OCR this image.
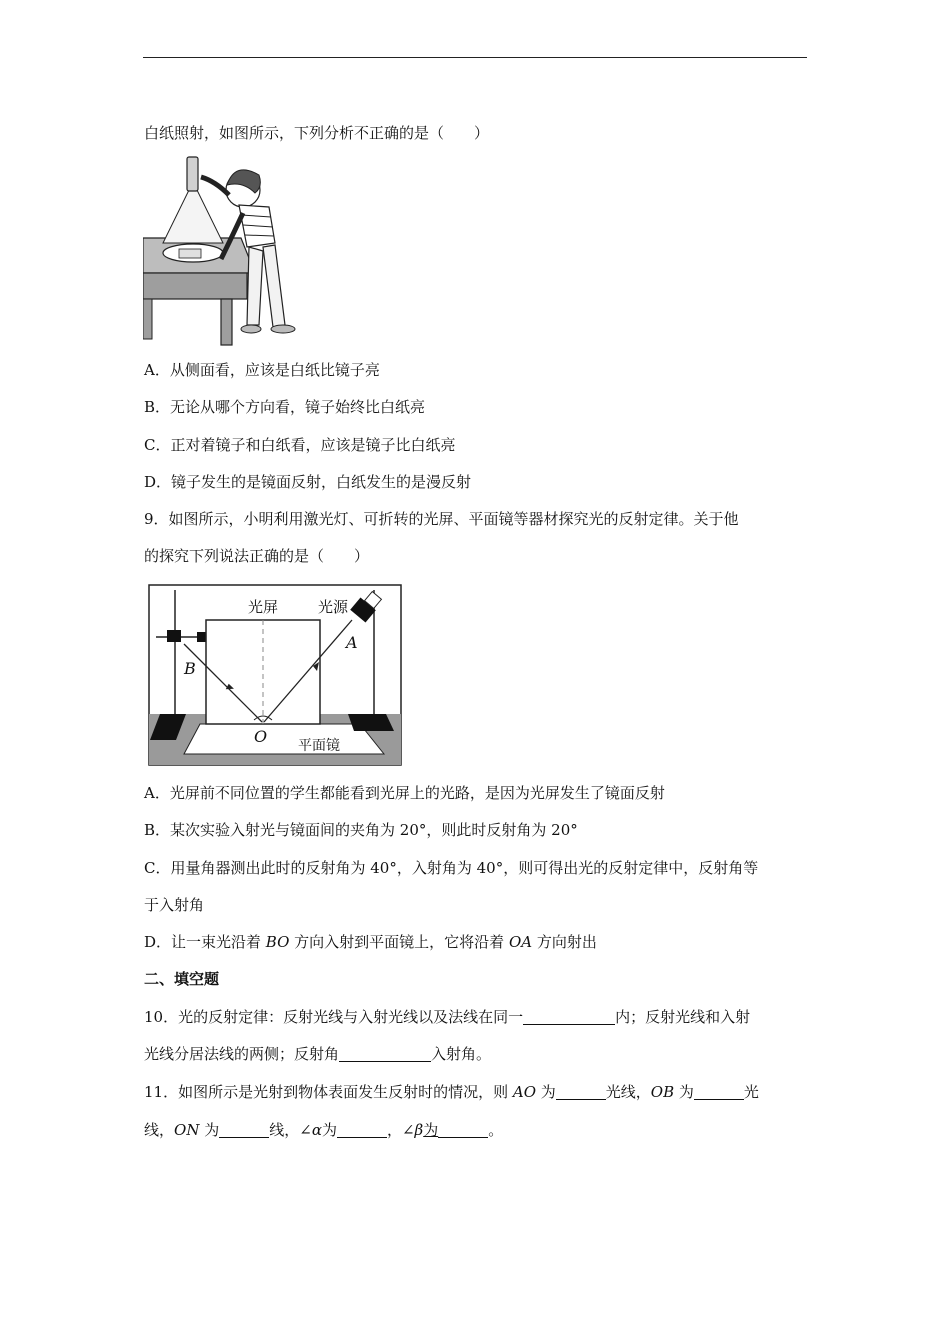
白纸照射，如图所示，下列分析不正确的是（　　）
A．从侧面看，应该是白纸比镜子亮
B．无论从哪个方向看，镜子始终比白纸亮
C．正对着镜子和白纸看，应该是镜子比白纸亮
D．镜子发生的是镜面反射，白纸发生的是漫反射
9．如图所示，小明利用激光灯、可折转的光屏、平面镜等器材探究光的反射定律。关于他
的探究下列说法正确的是（　　）
光屏	光源
A
B
O 平面镜
A．光屏前不同位置的学生都能看到光屏上的光路，是因为光屏发生了镜面反射
B．某次实验入射光与镜面间的夹角为 20°，则此时反射角为 20°
C．用量角器测出此时的反射角为 40°，入射角为 40°，则可得出光的反射定律中，反射角等
于入射角
D．让一束光沿着 BO 方向入射到平面镜上，它将沿着 OA 方向射出
二、填空题
10．光的反射定律：反射光线与入射光线以及法线在同一	内；反射光线和入射
光线分居法线的两侧；反射角	入射角。
11．如图所示是光射到物体表面发生反射时的情况，则 AO 为	光线，OB 为	光
线，ON 为	线，∠α为	，∠β为	。
